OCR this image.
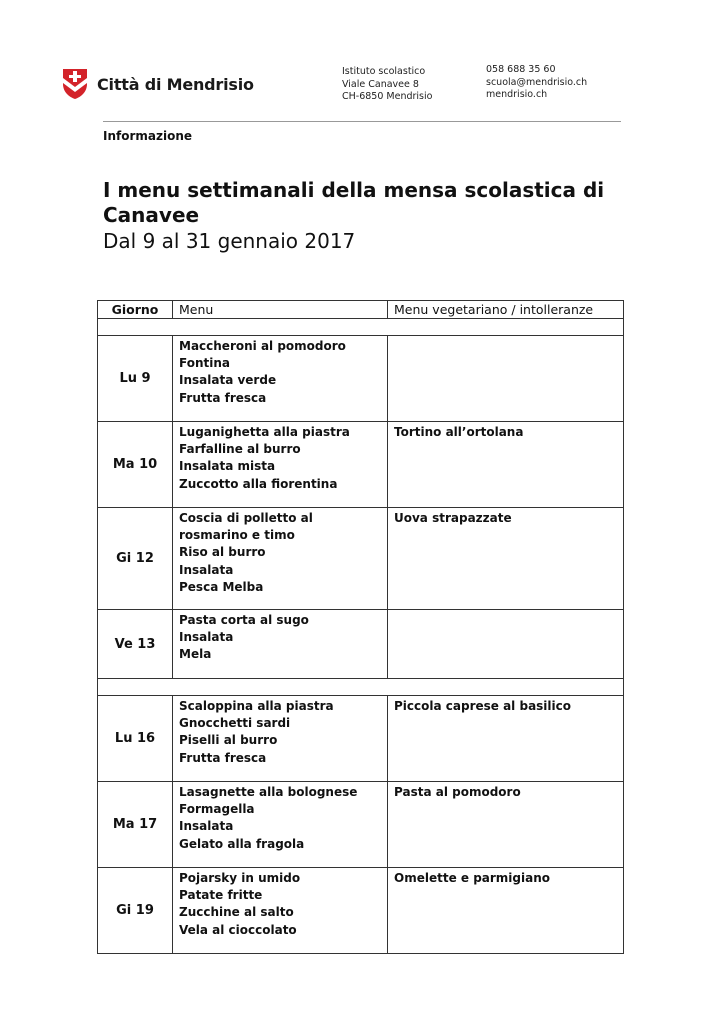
Città di Mendrisio
Istituto scolastico
Viale Canavee 8
CH-6850 Mendrisio
058 688 35 60
scuola@mendrisio.ch
mendrisio.ch
Informazione
I menu settimanali della mensa scolastica di Canavee
Dal 9 al 31 gennaio 2017
Giorno	Menu	Menu vegetariano / intolleranze

Lu 9	Maccheroni al pomodoro
Fontina
Insalata verde
Frutta fresca	

Ma 10	Luganighetta alla piastra
Farfalline al burro
Insalata mista
Zuccotto alla fiorentina	Tortino all’ortolana
Gi 12	Coscia di polletto al rosmarino e timo
Riso al burro
Insalata
Pesca Melba	Uova strapazzate
Ve 13	Pasta corta al sugo
Insalata
Mela	

Lu 16	Scaloppina alla piastra
Gnocchetti sardi
Piselli al burro
Frutta fresca	Piccola caprese al basilico
Ma 17	Lasagnette alla bolognese
Formagella
Insalata
Gelato alla fragola	Pasta al pomodoro
Gi 19	Pojarsky in umido
Patate fritte
Zucchine al salto
Vela al cioccolato	Omelette e parmigiano
